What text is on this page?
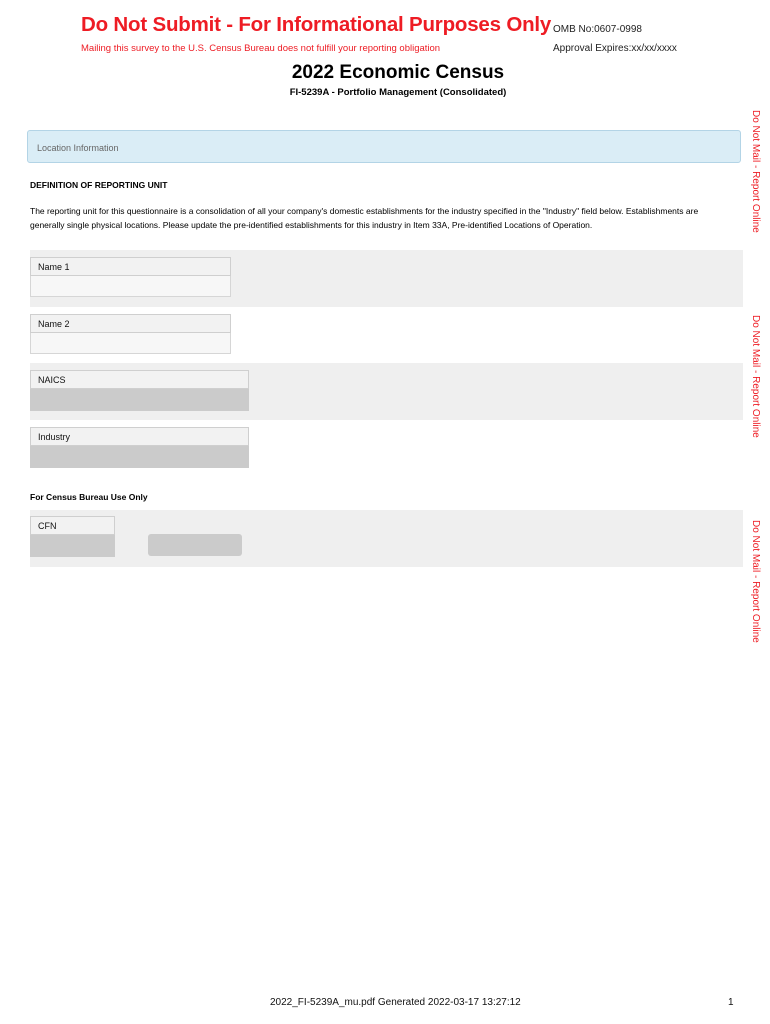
Do Not Submit - For Informational Purposes Only
Mailing this survey to the U.S. Census Bureau does not fulfill your reporting obligation
OMB No:0607-0998
Approval Expires:xx/xx/xxxx
2022 Economic Census
FI-5239A - Portfolio Management (Consolidated)
Do Not Mail - Report Online
Do Not Mail - Report Online
Do Not Mail - Report Online
Location Information
DEFINITION OF REPORTING UNIT
The reporting unit for this questionnaire is a consolidation of all your company's domestic establishments for the industry specified in the "Industry" field below. Establishments are generally single physical locations. Please update the pre-identified establishments for this industry in Item 33A, Pre-identified Locations of Operation.
Name 1
Name 2
NAICS
Industry
For Census Bureau Use Only
CFN
2022_FI-5239A_mu.pdf Generated 2022-03-17 13:27:12	1
